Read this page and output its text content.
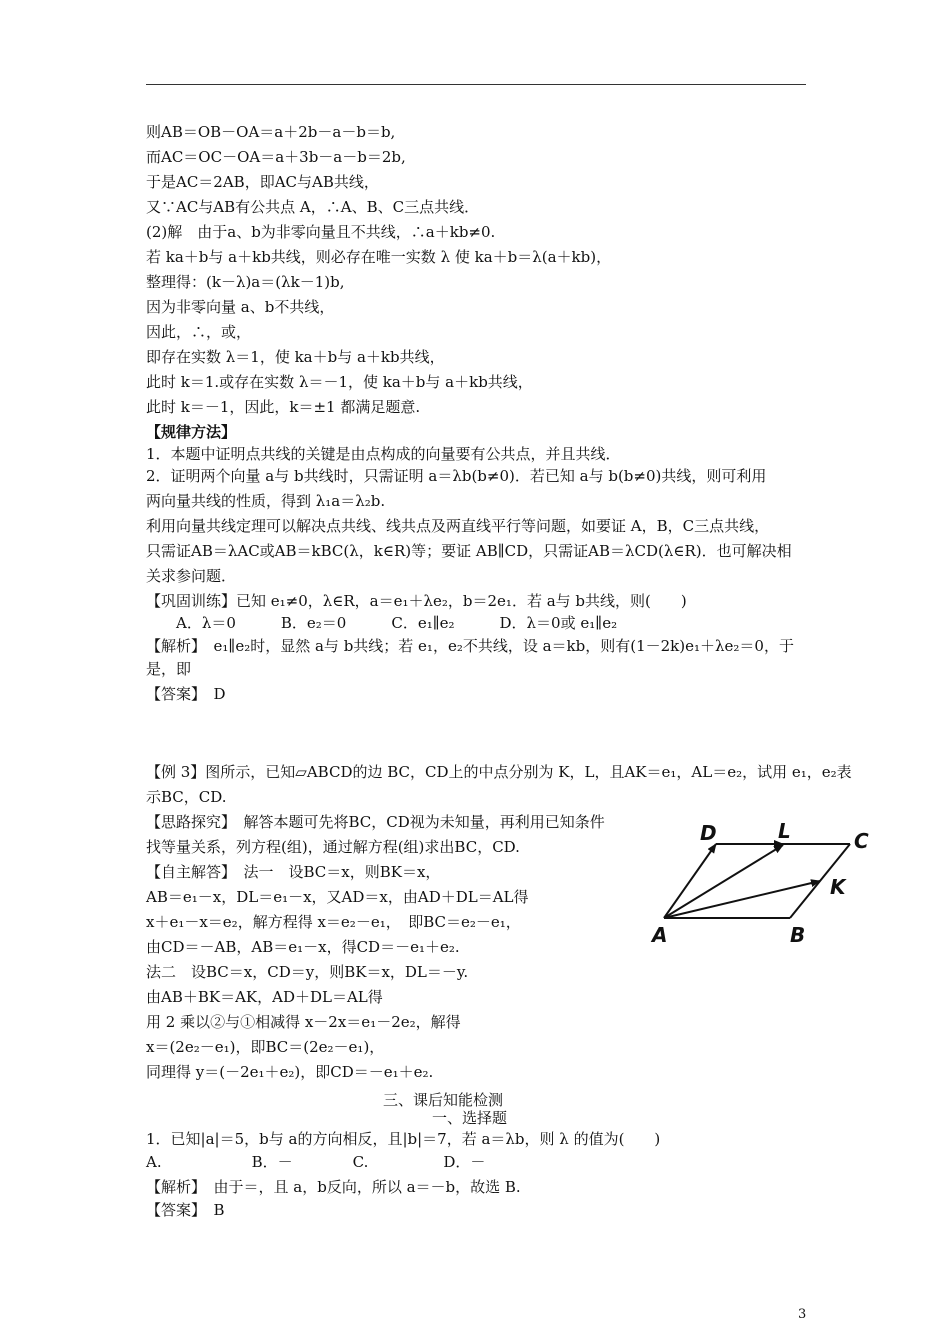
则AB＝OB－OA＝a＋2b－a－b＝b,
而AC＝OC－OA＝a＋3b－a－b＝2b,
于是AC＝2AB，即AC与AB共线，
又∵AC与AB有公共点 A，∴A、B、C三点共线．
(2)解　由于a、b为非零向量且不共线，∴a＋kb≠0.
若 ka＋b与 a＋kb共线，则必存在唯一实数 λ 使 ka＋b＝λ(a＋kb)，
整理得：(k－λ)a＝(λk－1)b,
因为非零向量 a、b不共线，
因此，∴，或，
即存在实数 λ＝1，使 ka＋b与 a＋kb共线，
此时 k＝1.或存在实数 λ＝－1，使 ka＋b与 a＋kb共线，
此时 k＝－1，因此，k＝±1 都满足题意.
【规律方法】
1．本题中证明点共线的关键是由点构成的向量要有公共点，并且共线．
2．证明两个向量 a与 b共线时，只需证明 a＝λb(b≠0)．若已知 a与 b(b≠0)共线，则可利用
两向量共线的性质，得到 λ₁a＝λ₂b.
利用向量共线定理可以解决点共线、线共点及两直线平行等问题，如要证 A，B，C三点共线，
只需证AB＝λAC或AB＝kBC(λ，k∈R)等；要证 AB∥CD，只需证AB＝λCD(λ∈R)．也可解决相
关求参问题．
【巩固训练】已知 e₁≠0，λ∈R，a＝e₁＋λe₂，b＝2e₁．若 a与 b共线，则(　　)
　　A．λ＝0　　　B．e₂＝0　　　C．e₁∥e₂　　　D．λ＝0或 e₁∥e₂
【解析】　e₁∥e₂时，显然 a与 b共线；若 e₁，e₂不共线，设 a＝kb，则有(1－2k)e₁＋λe₂＝0，于
是，即
【答案】　D
【例 3】图所示，已知▱ABCD的边 BC，CD上的中点分别为 K，L，且AK＝e₁，AL＝e₂，试用 e₁，e₂表
示BC，CD.
【思路探究】　解答本题可先将BC，CD视为未知量，再利用已知条件
找等量关系，列方程(组)，通过解方程(组)求出BC，CD.
【自主解答】　法一　设BC＝x，则BK＝x，
AB＝e₁－x，DL＝e₁－x，又AD＝x，由AD＋DL＝AL得
x＋e₁－x＝e₂，解方程得 x＝e₂－e₁，　即BC＝e₂－e₁，
由CD＝－AB，AB＝e₁－x，得CD＝－e₁＋e₂.
法二　设BC＝x，CD＝y，则BK＝x，DL＝－y.
由AB＋BK＝AK，AD＋DL＝AL得
用 2 乘以②与①相减得 x－2x＝e₁－2e₂，解得
x＝(2e₂－e₁)，即BC＝(2e₂－e₁)，
同理得 y＝(－2e₁＋e₂)，即CD＝－e₁＋e₂.
三、课后知能检测
一、选择题
1．已知|a|＝5，b与 a的方向相反，且|b|＝7，若 a＝λb，则 λ 的值为(　　)
A.　　　　　　B．－　　　　C.　　　　　D．－
【解析】　由于＝，且 a，b反向，所以 a＝－b，故选 B.
【答案】　B
A	B
C
D	L
K
3
